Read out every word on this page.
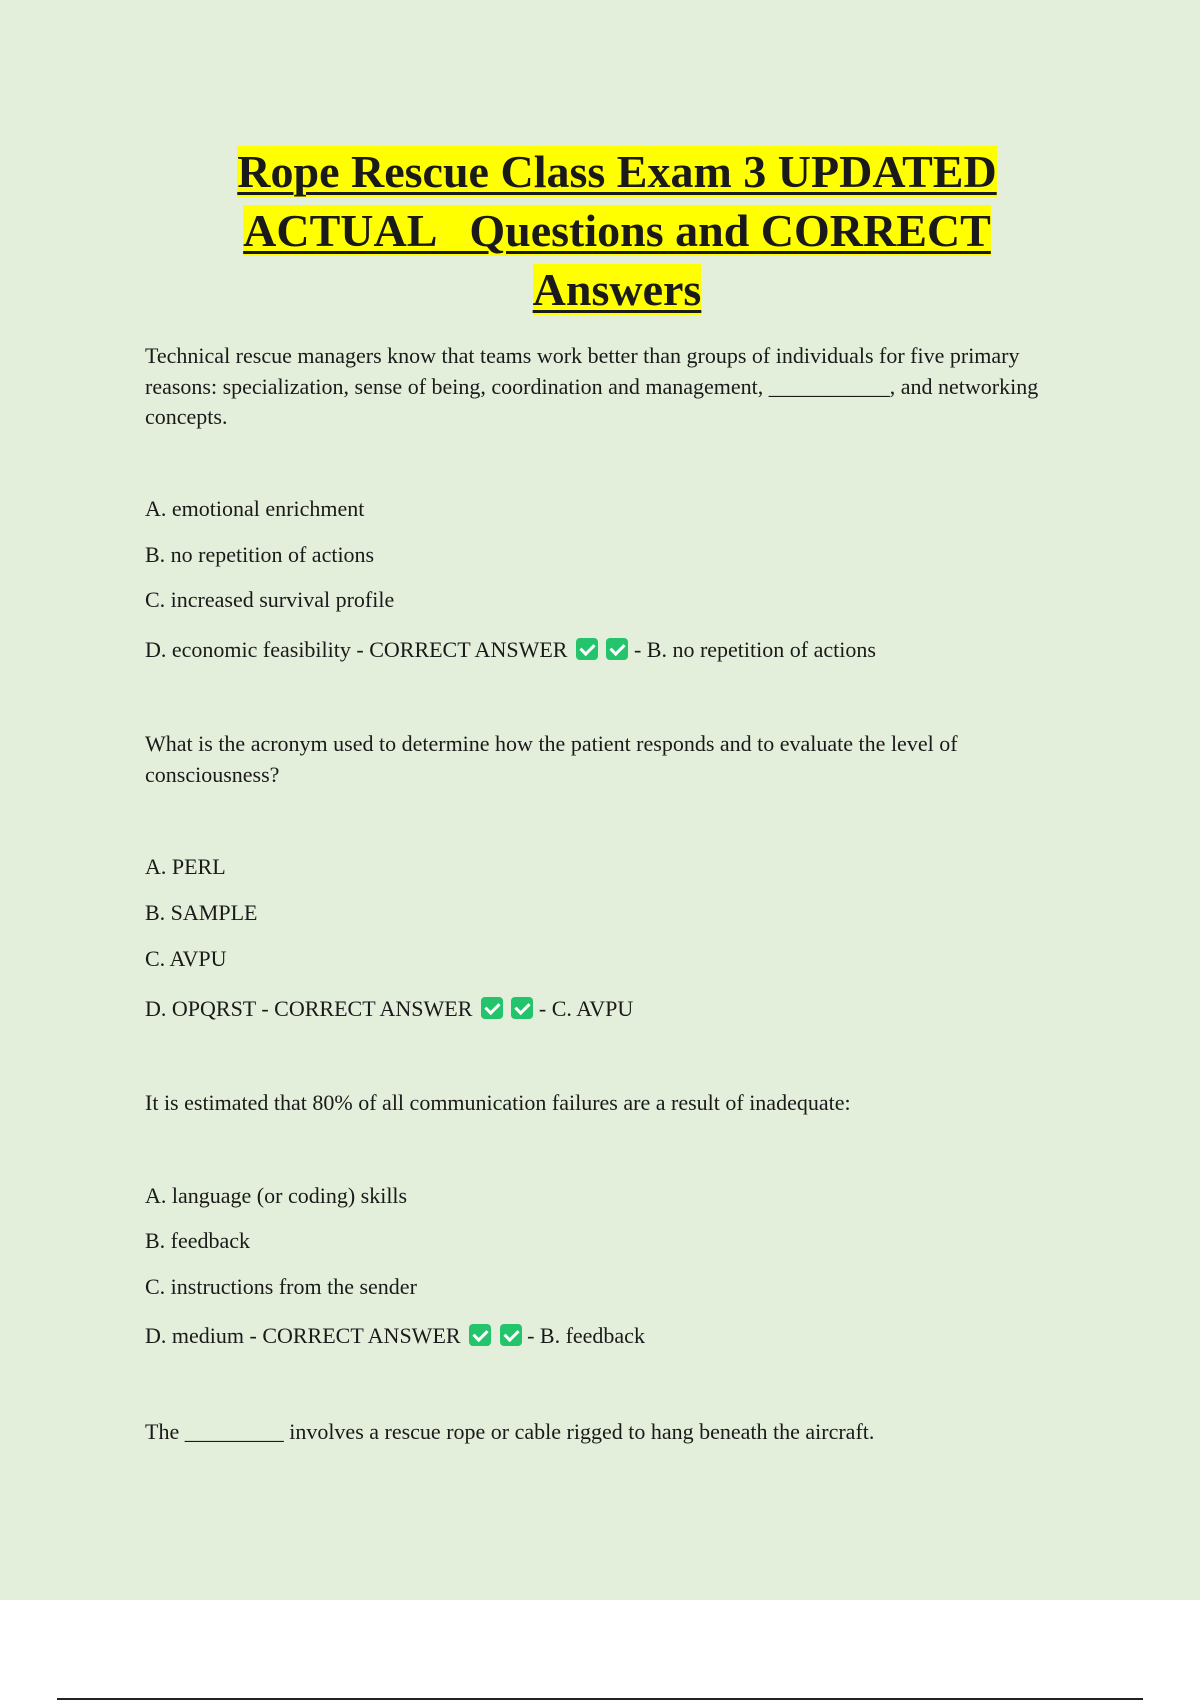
Rope Rescue Class Exam 3 UPDATED
ACTUAL   Questions and CORRECT
Answers

Technical rescue managers know that teams work better than groups of individuals for five primary reasons: specialization, sense of being, coordination and management, ___________, and networking concepts.

A. emotional enrichment

B. no repetition of actions

C. increased survival profile

D. economic feasibility - CORRECT ANSWER	- B. no repetition of actions

What is the acronym used to determine how the patient responds and to evaluate the level of consciousness?

A. PERL

B. SAMPLE

C. AVPU

D. OPQRST - CORRECT ANSWER	- C. AVPU

It is estimated that 80% of all communication failures are a result of inadequate:

A. language (or coding) skills

B. feedback

C. instructions from the sender

D. medium - CORRECT ANSWER	- B. feedback

The _________ involves a rescue rope or cable rigged to hang beneath the aircraft.
